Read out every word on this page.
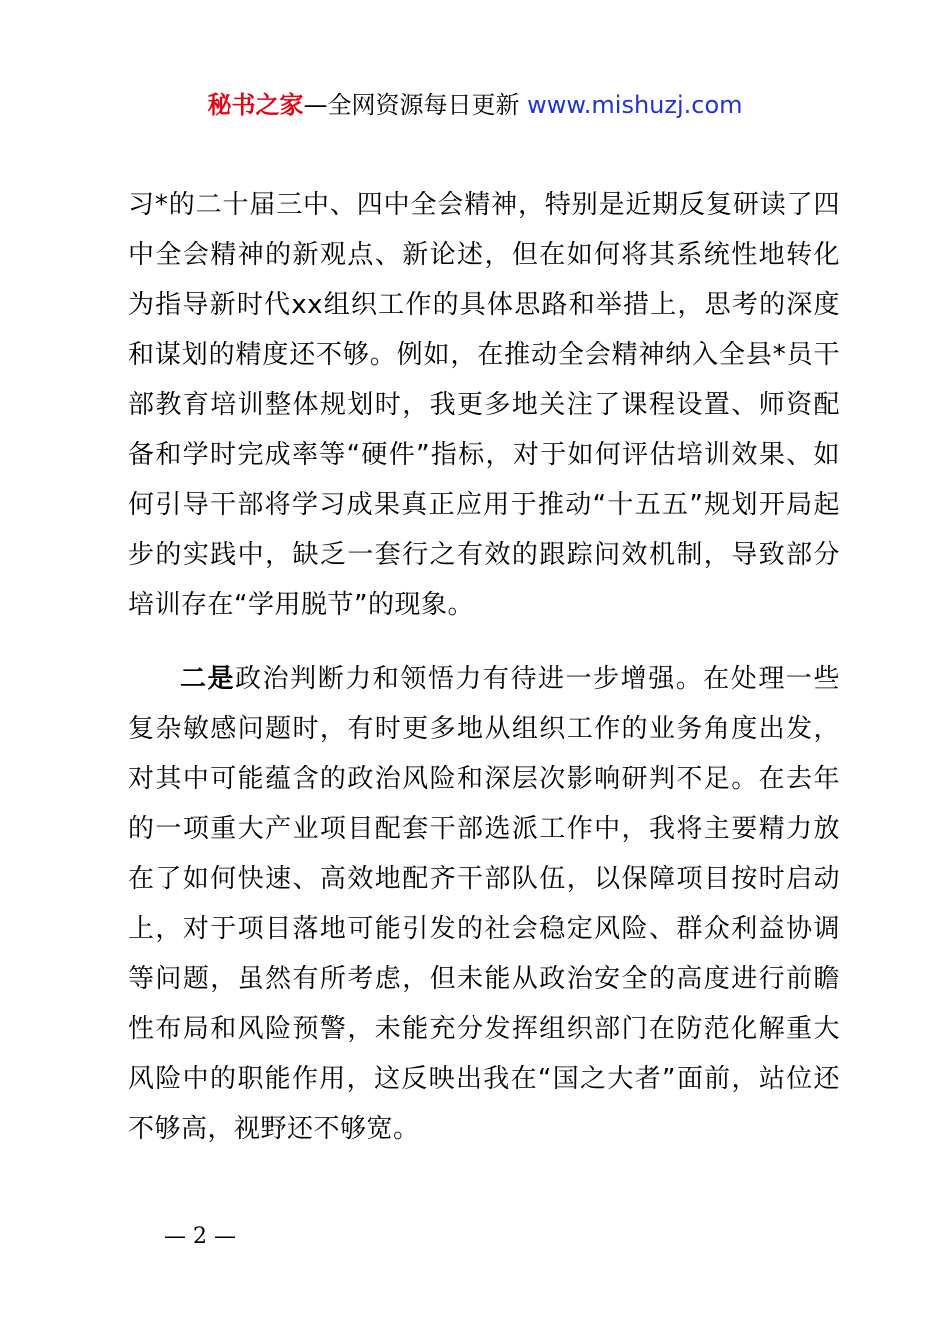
秘书之家—全网资源每日更新 www.mishuzj.com

习*的二十届三中、四中全会精神，特别是近期反复研读了四中全会精神的新观点、新论述，但在如何将其系统性地转化为指导新时代xx组织工作的具体思路和举措上，思考的深度和谋划的精度还不够。例如，在推动全会精神纳入全县*员干部教育培训整体规划时，我更多地关注了课程设置、师资配备和学时完成率等“硬件”指标，对于如何评估培训效果、如何引导干部将学习成果真正应用于推动“十五五”规划开局起步的实践中，缺乏一套行之有效的跟踪问效机制，导致部分培训存在“学用脱节”的现象。

二是政治判断力和领悟力有待进一步增强。在处理一些复杂敏感问题时，有时更多地从组织工作的业务角度出发，对其中可能蕴含的政治风险和深层次影响研判不足。在去年的一项重大产业项目配套干部选派工作中，我将主要精力放在了如何快速、高效地配齐干部队伍，以保障项目按时启动上，对于项目落地可能引发的社会稳定风险、群众利益协调等问题，虽然有所考虑，但未能从政治安全的高度进行前瞻性布局和风险预警，未能充分发挥组织部门在防范化解重大风险中的职能作用，这反映出我在“国之大者”面前，站位还不够高，视野还不够宽。

— 2 —
